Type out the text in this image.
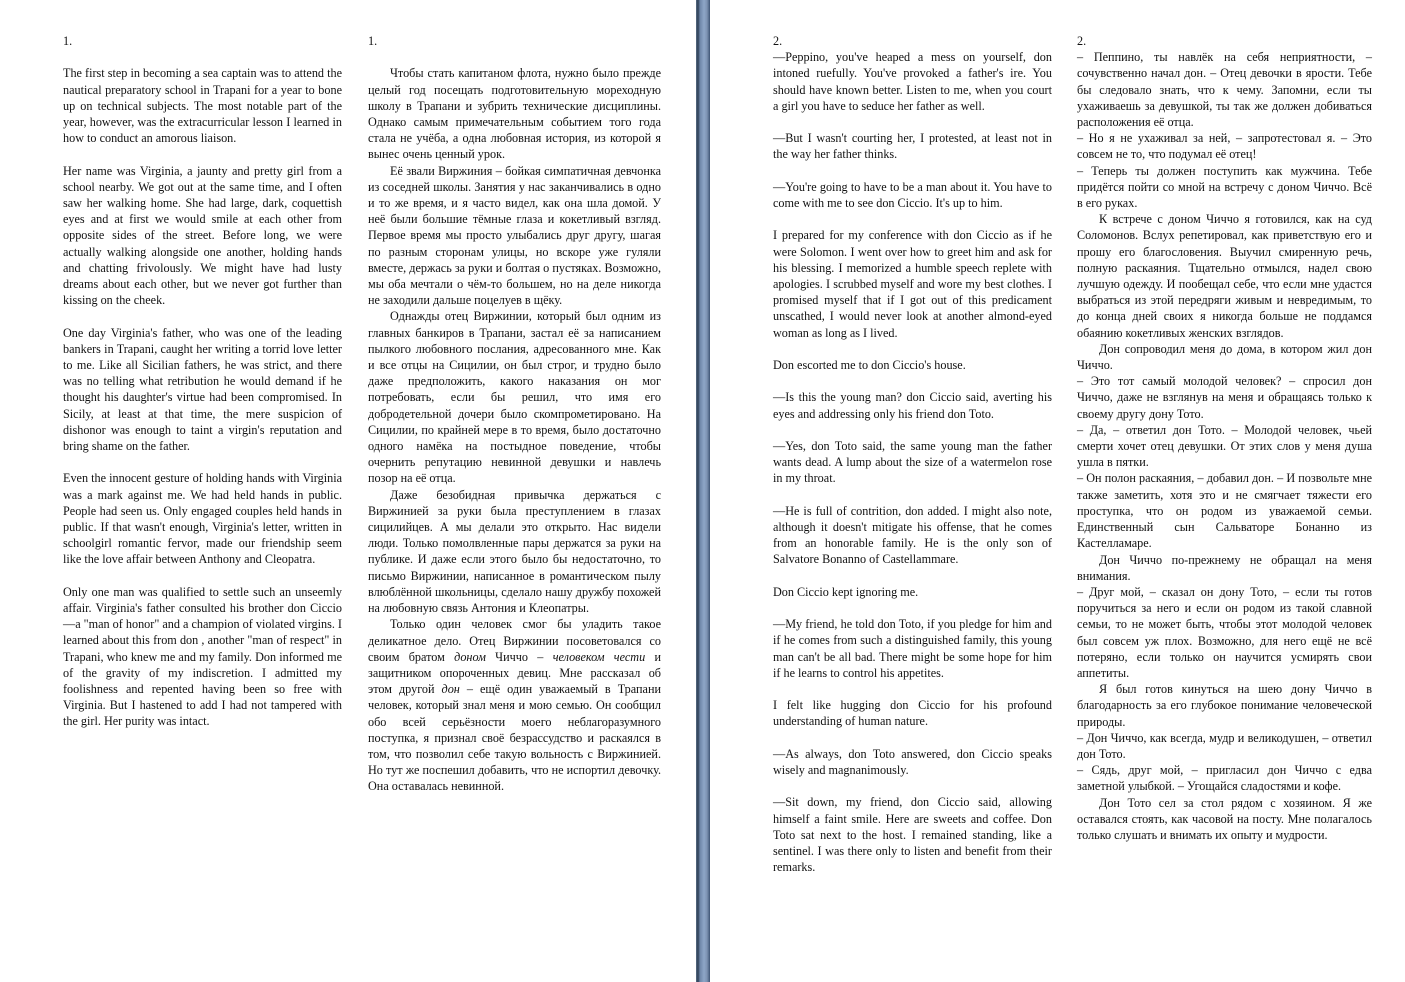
1.

The first step in becoming a sea captain was to attend the nautical preparatory school in Trapani for a year to bone up on technical subjects. The most notable part of the year, however, was the extracurricular lesson I learned in how to conduct an amorous liaison.

Her name was Virginia, a jaunty and pretty girl from a school nearby. We got out at the same time, and I often saw her walking home. She had large, dark, coquettish eyes and at first we would smile at each other from opposite sides of the street. Before long, we were actually walking alongside one another, holding hands and chatting frivolously. We might have had lusty dreams about each other, but we never got further than kissing on the cheek.

One day Virginia's father, who was one of the leading bankers in Trapani, caught her writing a torrid love letter to me. Like all Sicilian fathers, he was strict, and there was no telling what retribution he would demand if he thought his daughter's virtue had been compromised. In Sicily, at least at that time, the mere suspicion of dishonor was enough to taint a virgin's reputation and bring shame on the father.

Even the innocent gesture of holding hands with Virginia was a mark against me. We had held hands in public. People had seen us. Only engaged couples held hands in public. If that wasn't enough, Virginia's letter, written in schoolgirl romantic fervor, made our friendship seem like the love affair between Anthony and Cleopatra.

Only one man was qualified to settle such an unseemly affair. Virginia's father consulted his brother don Ciccio—a "man of honor" and a champion of violated virgins. I learned about this from don , another "man of respect" in Trapani, who knew me and my family. Don informed me of the gravity of my indiscretion. I admitted my foolishness and repented having been so free with Virginia. But I hastened to add I had not tampered with the girl. Her purity was intact.

1.

Чтобы стать капитаном флота, нужно было прежде целый год посещать подготовительную мореходную школу в Трапани и зубрить технические дисциплины. Однако самым примечательным событием того года стала не учёба, а одна любовная история, из которой я вынес очень ценный урок.

Её звали Виржиния – бойкая симпатичная девчонка из соседней школы. Занятия у нас заканчивались в одно и то же время, и я часто видел, как она шла домой. У неё были большие тёмные глаза и кокетливый взгляд. Первое время мы просто улыбались друг другу, шагая по разным сторонам улицы, но вскоре уже гуляли вместе, держась за руки и болтая о пустяках. Возможно, мы оба мечтали о чём-то большем, но на деле никогда не заходили дальше поцелуев в щёку.

Однажды отец Виржинии, который был одним из главных банкиров в Трапани, застал её за написанием пылкого любовного послания, адресованного мне. Как и все отцы на Сицилии, он был строг, и трудно было даже предположить, какого наказания он мог потребовать, если бы решил, что имя его добродетельной дочери было скомпрометировано. На Сицилии, по крайней мере в то время, было достаточно одного намёка на постыдное поведение, чтобы очернить репутацию невинной девушки и навлечь позор на её отца.

Даже безобидная привычка держаться с Виржинией за руки была преступлением в глазах сицилийцев. А мы делали это открыто. Нас видели люди. Только помолвленные пары держатся за руки на публике. И даже если этого было бы недостаточно, то письмо Виржинии, написанное в романтическом пылу влюблённой школьницы, сделало нашу дружбу похожей на любовную связь Антония и Клеопатры.

Только один человек смог бы уладить такое деликатное дело. Отец Виржинии посоветовался со своим братом доном Чиччо – человеком чести и защитником опороченных девиц. Мне рассказал об этом другой дон – ещё один уважаемый в Трапани человек, который знал меня и мою семью. Он сообщил обо всей серьёзности моего неблагоразумного поступка, я признал своё безрассудство и раскаялся в том, что позволил себе такую вольность с Виржинией. Но тут же поспешил добавить, что не испортил девочку. Она оставалась невинной.

2.

—Peppino, you've heaped a mess on yourself, don intoned ruefully. You've provoked a father's ire. You should have known better. Listen to me, when you court a girl you have to seduce her father as well.

—But I wasn't courting her, I protested, at least not in the way her father thinks.

—You're going to have to be a man about it. You have to come with me to see don Ciccio. It's up to him.

I prepared for my conference with don Ciccio as if he were Solomon. I went over how to greet him and ask for his blessing. I memorized a humble speech replete with apologies. I scrubbed myself and wore my best clothes. I promised myself that if I got out of this predicament unscathed, I would never look at another almond-eyed woman as long as I lived.

Don escorted me to don Ciccio's house.

—Is this the young man? don Ciccio said, averting his eyes and addressing only his friend don Toto.

—Yes, don Toto said, the same young man the father wants dead. A lump about the size of a watermelon rose in my throat.

—He is full of contrition, don added. I might also note, although it doesn't mitigate his offense, that he comes from an honorable family. He is the only son of Salvatore Bonanno of Castellammare.

Don Ciccio kept ignoring me.

—My friend, he told don Toto, if you pledge for him and if he comes from such a distinguished family, this young man can't be all bad. There might be some hope for him if he learns to control his appetites.

I felt like hugging don Ciccio for his profound understanding of human nature.

—As always, don Toto answered, don Ciccio speaks wisely and magnanimously.

—Sit down, my friend, don Ciccio said, allowing himself a faint smile. Here are sweets and coffee. Don Toto sat next to the host. I remained standing, like a sentinel. I was there only to listen and benefit from their remarks.

2.

– Пеппино, ты навлёк на себя неприятности, – сочувственно начал дон. – Отец девочки в ярости. Тебе бы следовало знать, что к чему. Запомни, если ты ухаживаешь за девушкой, ты так же должен добиваться расположения её отца.

– Но я не ухаживал за ней, – запротестовал я. – Это совсем не то, что подумал её отец!

– Теперь ты должен поступить как мужчина. Тебе придётся пойти со мной на встречу с доном Чиччо. Всё в его руках.

К встрече с доном Чиччо я готовился, как на суд Соломонов. Вслух репетировал, как приветствую его и прошу его благословения. Выучил смиренную речь, полную раскаяния. Тщательно отмылся, надел свою лучшую одежду. И пообещал себе, что если мне удастся выбраться из этой передряги живым и невредимым, то до конца дней своих я никогда больше не поддамся обаянию кокетливых женских взглядов.

Дон сопроводил меня до дома, в котором жил дон Чиччо.

– Это тот самый молодой человек? – спросил дон Чиччо, даже не взглянув на меня и обращаясь только к своему другу дону Тото.

– Да, – ответил дон Тото. – Молодой человек, чьей смерти хочет отец девушки. От этих слов у меня душа ушла в пятки.

– Он полон раскаяния, – добавил дон. – И позвольте мне также заметить, хотя это и не смягчает тяжести его проступка, что он родом из уважаемой семьи. Единственный сын Сальваторе Бонанно из Кастелламаре.

Дон Чиччо по-прежнему не обращал на меня внимания.

– Друг мой, – сказал он дону Тото, – если ты готов поручиться за него и если он родом из такой славной семьи, то не может быть, чтобы этот молодой человек был совсем уж плох. Возможно, для него ещё не всё потеряно, если только он научится усмирять свои аппетиты.

Я был готов кинуться на шею дону Чиччо в благодарность за его глубокое понимание человеческой природы.

– Дон Чиччо, как всегда, мудр и великодушен, – ответил дон Тото.

– Сядь, друг мой, – пригласил дон Чиччо с едва заметной улыбкой. – Угощайся сладостями и кофе.

Дон Тото сел за стол рядом с хозяином. Я же оставался стоять, как часовой на посту. Мне полагалось только слушать и внимать их опыту и мудрости.
